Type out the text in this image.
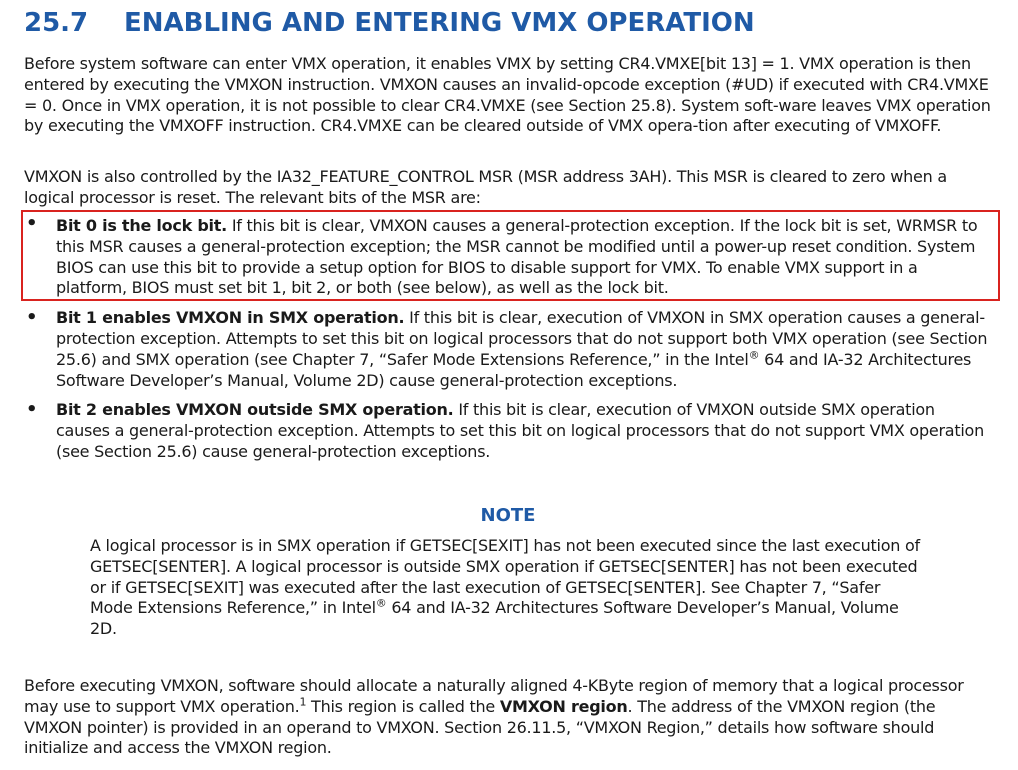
25.7 ENABLING AND ENTERING VMX OPERATION

Before system software can enter VMX operation, it enables VMX by setting CR4.VMXE[bit 13] = 1. VMX operation is then entered by executing the VMXON instruction. VMXON causes an invalid-opcode exception (#UD) if executed with CR4.VMXE = 0. Once in VMX operation, it is not possible to clear CR4.VMXE (see Section 25.8). System soft-ware leaves VMX operation by executing the VMXOFF instruction. CR4.VMXE can be cleared outside of VMX opera-tion after executing of VMXOFF.

VMXON is also controlled by the IA32_FEATURE_CONTROL MSR (MSR address 3AH). This MSR is cleared to zero when a logical processor is reset. The relevant bits of the MSR are:

• Bit 0 is the lock bit. If this bit is clear, VMXON causes a general-protection exception. If the lock bit is set, WRMSR to this MSR causes a general-protection exception; the MSR cannot be modified until a power-up reset condition. System BIOS can use this bit to provide a setup option for BIOS to disable support for VMX. To enable VMX support in a platform, BIOS must set bit 1, bit 2, or both (see below), as well as the lock bit.
• Bit 1 enables VMXON in SMX operation. If this bit is clear, execution of VMXON in SMX operation causes a general-protection exception. Attempts to set this bit on logical processors that do not support both VMX operation (see Section 25.6) and SMX operation (see Chapter 7, “Safer Mode Extensions Reference,” in the Intel® 64 and IA-32 Architectures Software Developer’s Manual, Volume 2D) cause general-protection exceptions.
• Bit 2 enables VMXON outside SMX operation. If this bit is clear, execution of VMXON outside SMX operation causes a general-protection exception. Attempts to set this bit on logical processors that do not support VMX operation (see Section 25.6) cause general-protection exceptions.
NOTE

A logical processor is in SMX operation if GETSEC[SEXIT] has not been executed since the last execution of GETSEC[SENTER]. A logical processor is outside SMX operation if GETSEC[SENTER] has not been executed or if GETSEC[SEXIT] was executed after the last execution of GETSEC[SENTER]. See Chapter 7, “Safer Mode Extensions Reference,” in Intel® 64 and IA-32 Architectures Software Developer’s Manual, Volume 2D.

Before executing VMXON, software should allocate a naturally aligned 4-KByte region of memory that a logical processor may use to support VMX operation.$^1$ This region is called the VMXON region. The address of the VMXON region (the VMXON pointer) is provided in an operand to VMXON. Section 26.11.5, “VMXON Region,” details how software should initialize and access the VMXON region.
